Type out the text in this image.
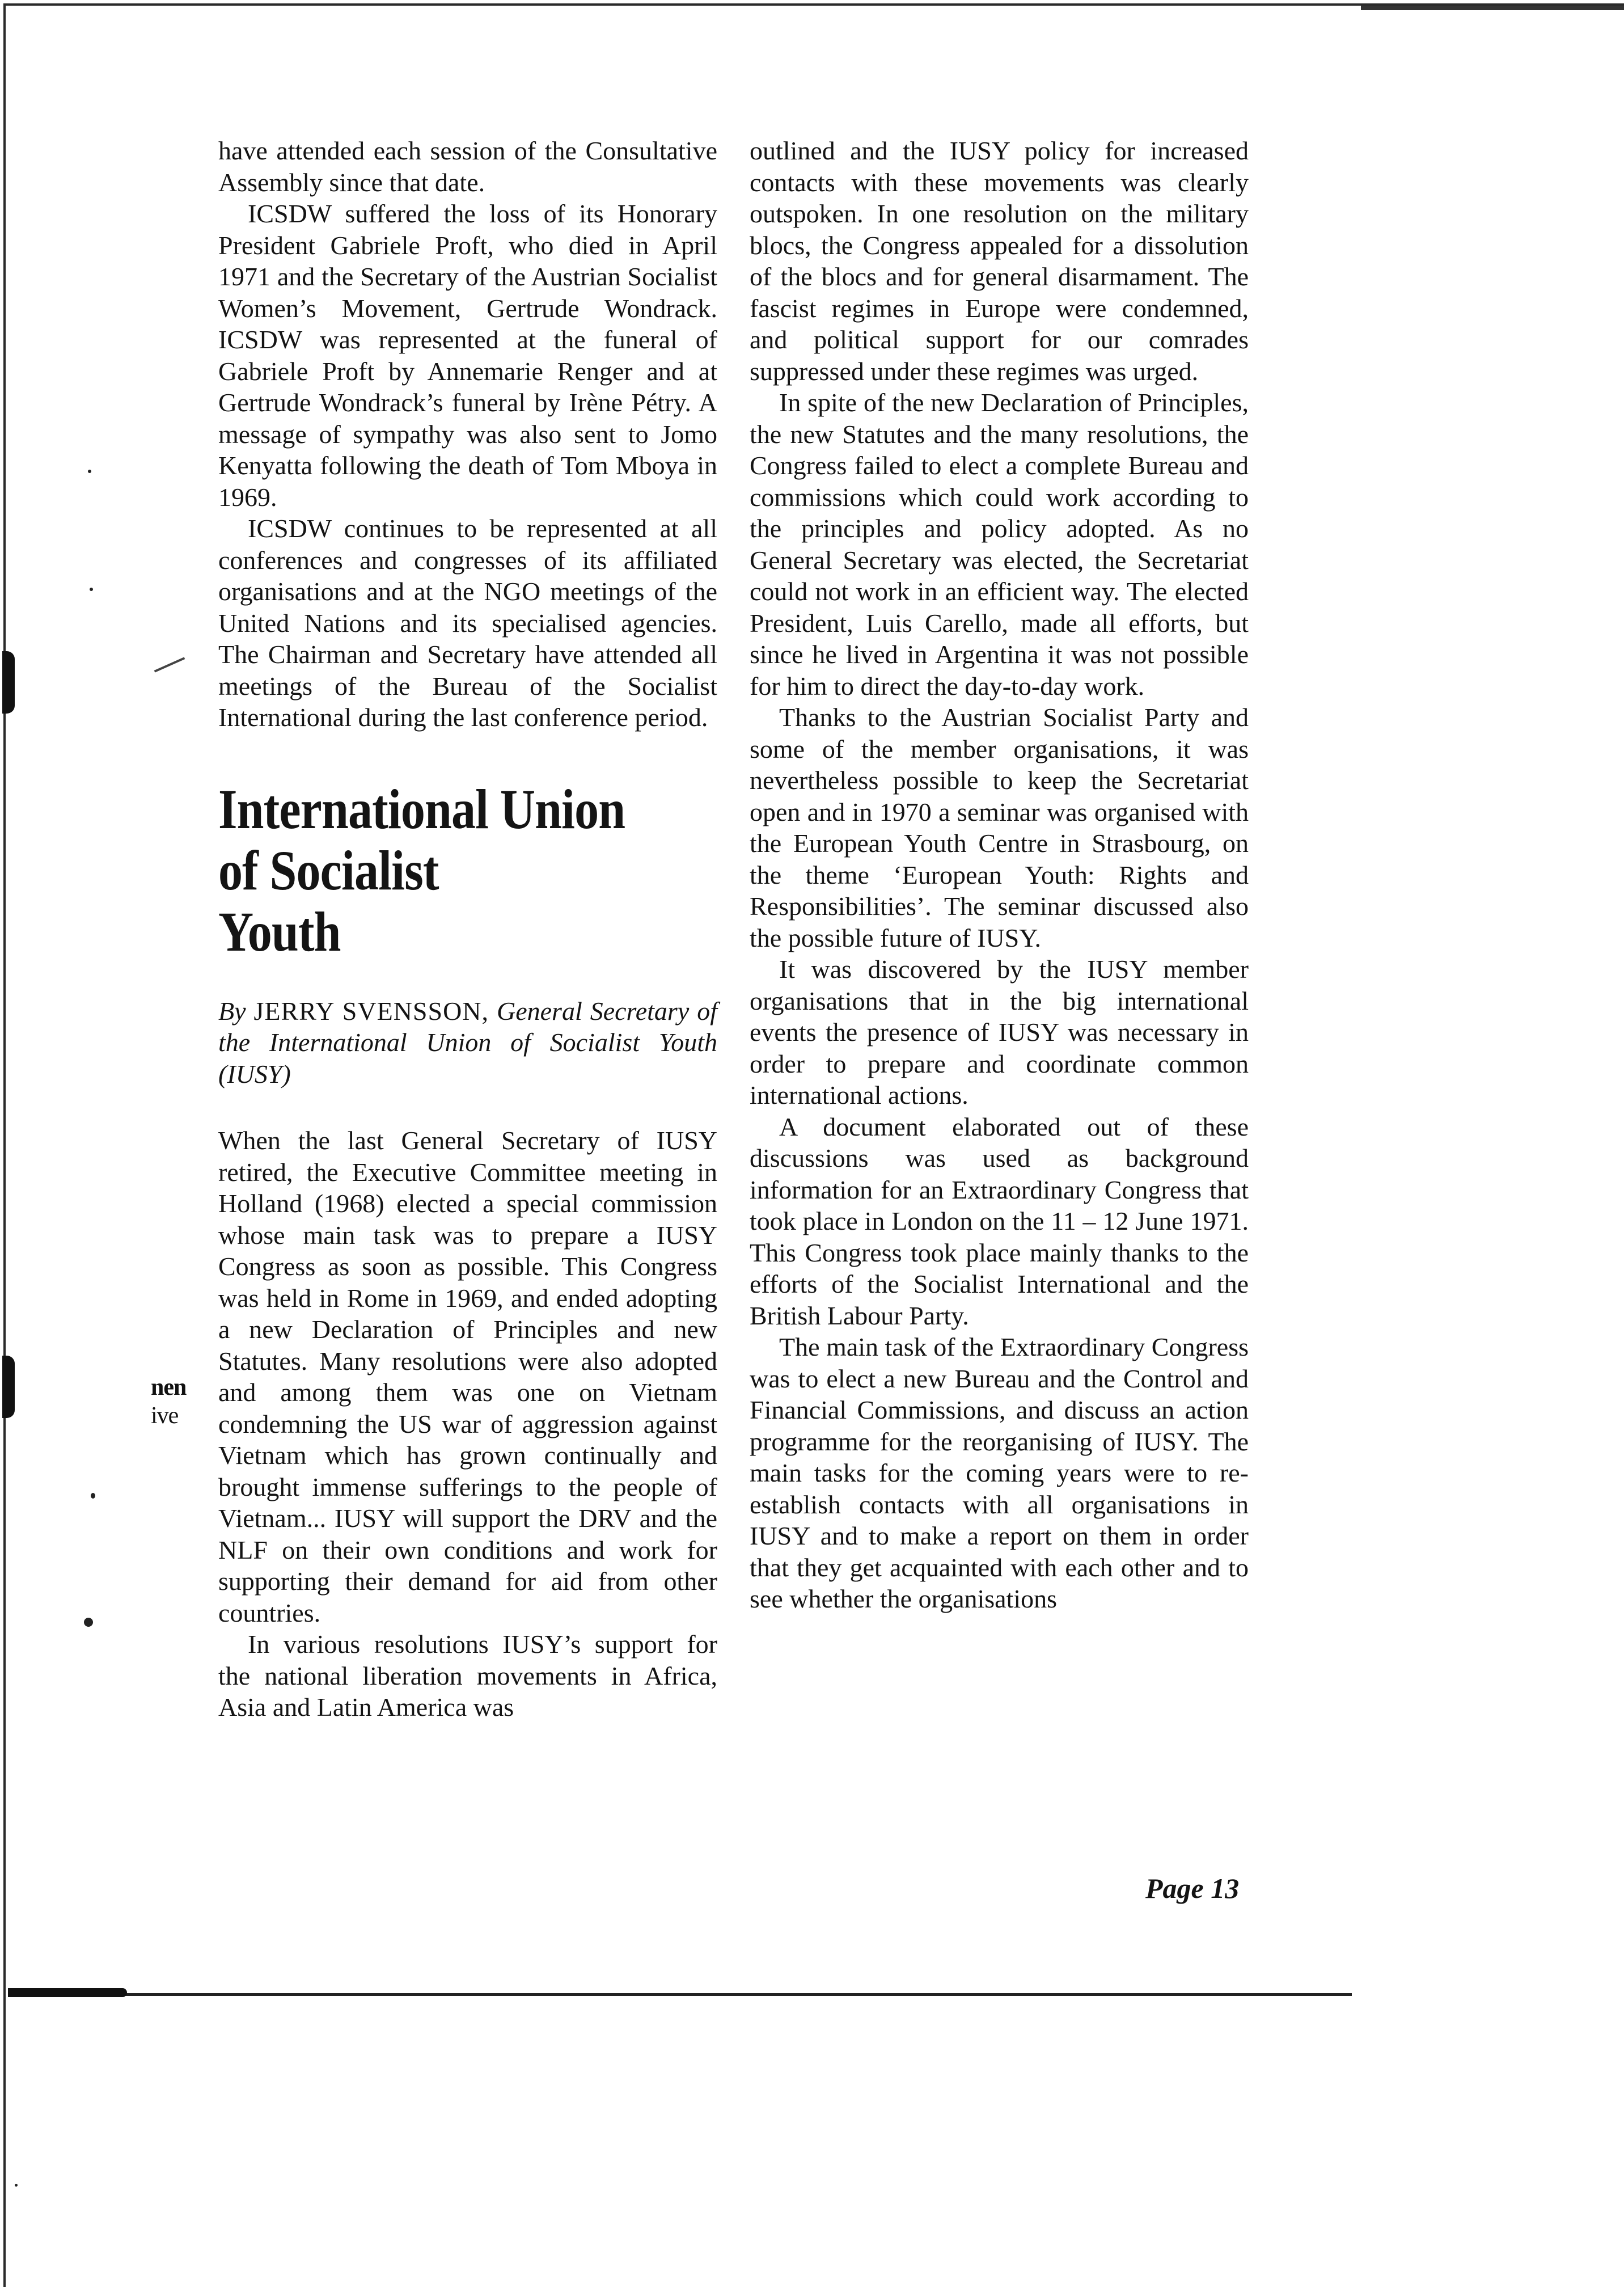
nen
ive

have attended each session of the Consultative Assembly since that date.

ICSDW suffered the loss of its Honorary President Gabriele Proft, who died in April 1971 and the Secretary of the Austrian Socialist Women’s Movement, Gertrude Wondrack. ICSDW was represented at the funeral of Gabriele Proft by Annemarie Renger and at Gertrude Wondrack’s funeral by Irène Pétry. A message of sympathy was also sent to Jomo Kenyatta following the death of Tom Mboya in 1969.

ICSDW continues to be represented at all conferences and congresses of its affiliated organisations and at the NGO meetings of the United Nations and its specialised agencies. The Chairman and Secretary have attended all meetings of the Bureau of the Socialist International during the last conference period.

International Union
of Socialist
Youth

By JERRY SVENSSON, General Secretary of the International Union of Socialist Youth (IUSY)

When the last General Secretary of IUSY retired, the Executive Committee meeting in Holland (1968) elected a special commission whose main task was to prepare a IUSY Congress as soon as possible. This Congress was held in Rome in 1969, and ended adopting a new Declaration of Principles and new Statutes. Many resolutions were also adopted and among them was one on Vietnam condemning the US war of aggression against Vietnam which has grown continually and brought immense sufferings to the people of Vietnam... IUSY will support the DRV and the NLF on their own conditions and work for supporting their demand for aid from other countries.

In various resolutions IUSY’s support for the national liberation movements in Africa, Asia and Latin America was

outlined and the IUSY policy for increased contacts with these movements was clearly outspoken. In one resolution on the military blocs, the Congress appealed for a dissolution of the blocs and for general disarmament. The fascist regimes in Europe were condemned, and political support for our comrades suppressed under these regimes was urged.

In spite of the new Declaration of Principles, the new Statutes and the many resolutions, the Congress failed to elect a complete Bureau and commissions which could work according to the principles and policy adopted. As no General Secretary was elected, the Secretariat could not work in an efficient way. The elected President, Luis Carello, made all efforts, but since he lived in Argentina it was not possible for him to direct the day-to-day work.

Thanks to the Austrian Socialist Party and some of the member organisations, it was nevertheless possible to keep the Secretariat open and in 1970 a seminar was organised with the European Youth Centre in Strasbourg, on the theme ‘European Youth: Rights and Responsibilities’. The seminar discussed also the possible future of IUSY.

It was discovered by the IUSY member organisations that in the big international events the presence of IUSY was necessary in order to prepare and coordinate common international actions.

A document elaborated out of these discussions was used as background information for an Extraordinary Congress that took place in London on the 11 – 12 June 1971. This Congress took place mainly thanks to the efforts of the Socialist International and the British Labour Party.

The main task of the Extraordinary Congress was to elect a new Bureau and the Control and Financial Commissions, and discuss an action programme for the reorganising of IUSY. The main tasks for the coming years were to re-establish contacts with all organisations in IUSY and to make a report on them in order that they get acquainted with each other and to see whether the organisations

Page 13
